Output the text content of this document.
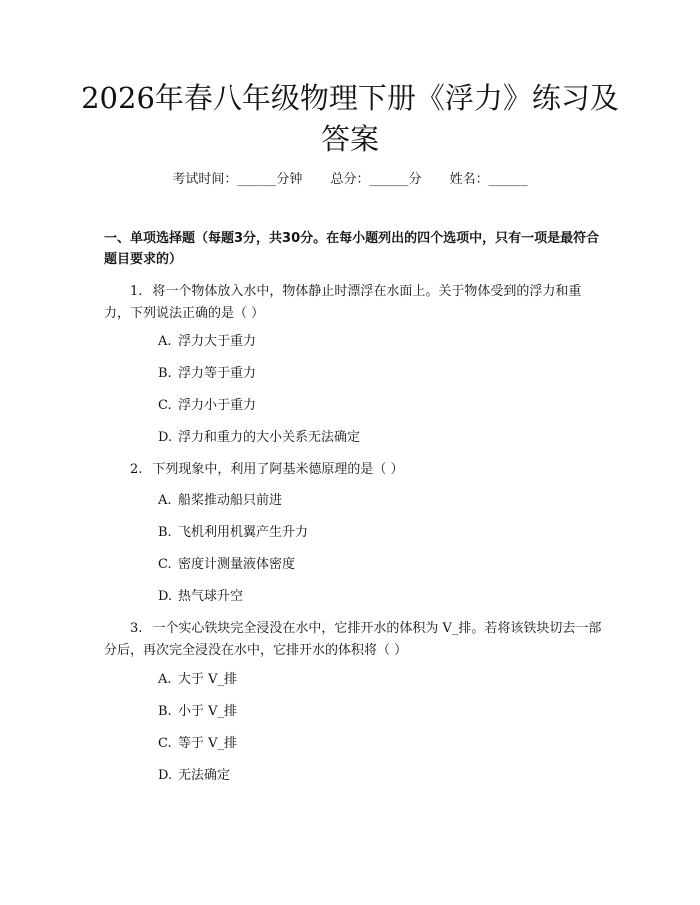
2026年春八年级物理下册《浮力》练习及答案
考试时间：______分钟 总分：______分 姓名：______
一、单项选择题（每题3分，共30分。在每小题列出的四个选项中，只有一项是最符合题目要求的）
1. 将一个物体放入水中，物体静止时漂浮在水面上。关于物体受到的浮力和重力，下列说法正确的是（ ）
A. 浮力大于重力
B. 浮力等于重力
C. 浮力小于重力
D. 浮力和重力的大小关系无法确定
2. 下列现象中，利用了阿基米德原理的是（ ）
A. 船桨推动船只前进
B. 飞机利用机翼产生升力
C. 密度计测量液体密度
D. 热气球升空
3. 一个实心铁块完全浸没在水中，它排开水的体积为 V_排。若将该铁块切去一部分后，再次完全浸没在水中，它排开水的体积将（ ）
A. 大于 V_排
B. 小于 V_排
C. 等于 V_排
D. 无法确定
